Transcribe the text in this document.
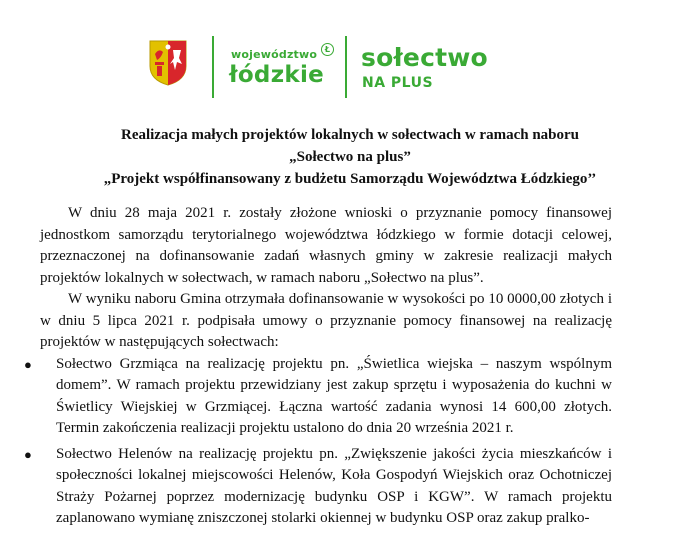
województwo Ł
łódzkie
sołectwo
NA PLUS
Realizacja małych projektów lokalnych w sołectwach w ramach naboru
„Sołectwo na plus”
„Projekt współfinansowany z budżetu Samorządu Województwa Łódzkiego’’

W dniu 28 maja 2021 r. zostały złożone wnioski o przyznanie pomocy finansowej jednostkom samorządu terytorialnego województwa łódzkiego w formie dotacji celowej, przeznaczonej na dofinansowanie zadań własnych gminy w zakresie realizacji małych projektów lokalnych w sołectwach, w ramach naboru „Sołectwo na plus”.

W wyniku naboru Gmina otrzymała dofinansowanie w wysokości po 10 0000,00 złotych i w dniu 5 lipca 2021 r. podpisała umowy o przyznanie pomocy finansowej na realizację projektów w następujących sołectwach:

● Sołectwo Grzmiąca na realizację projektu pn. „Świetlica wiejska – naszym wspólnym domem”. W ramach projektu przewidziany jest zakup sprzętu i wyposażenia do kuchni w Świetlicy Wiejskiej w Grzmiącej. Łączna wartość zadania wynosi 14 600,00 złotych. Termin zakończenia realizacji projektu ustalono do dnia 20 września 2021 r.
● Sołectwo Helenów na realizację projektu pn. „Zwiększenie jakości życia mieszkańców i społeczności lokalnej miejscowości Helenów, Koła Gospodyń Wiejskich oraz Ochotniczej Straży Pożarnej poprzez modernizację budynku OSP i KGW”. W ramach projektu zaplanowano wymianę zniszczonej stolarki okiennej w budynku OSP oraz zakup pralko-
